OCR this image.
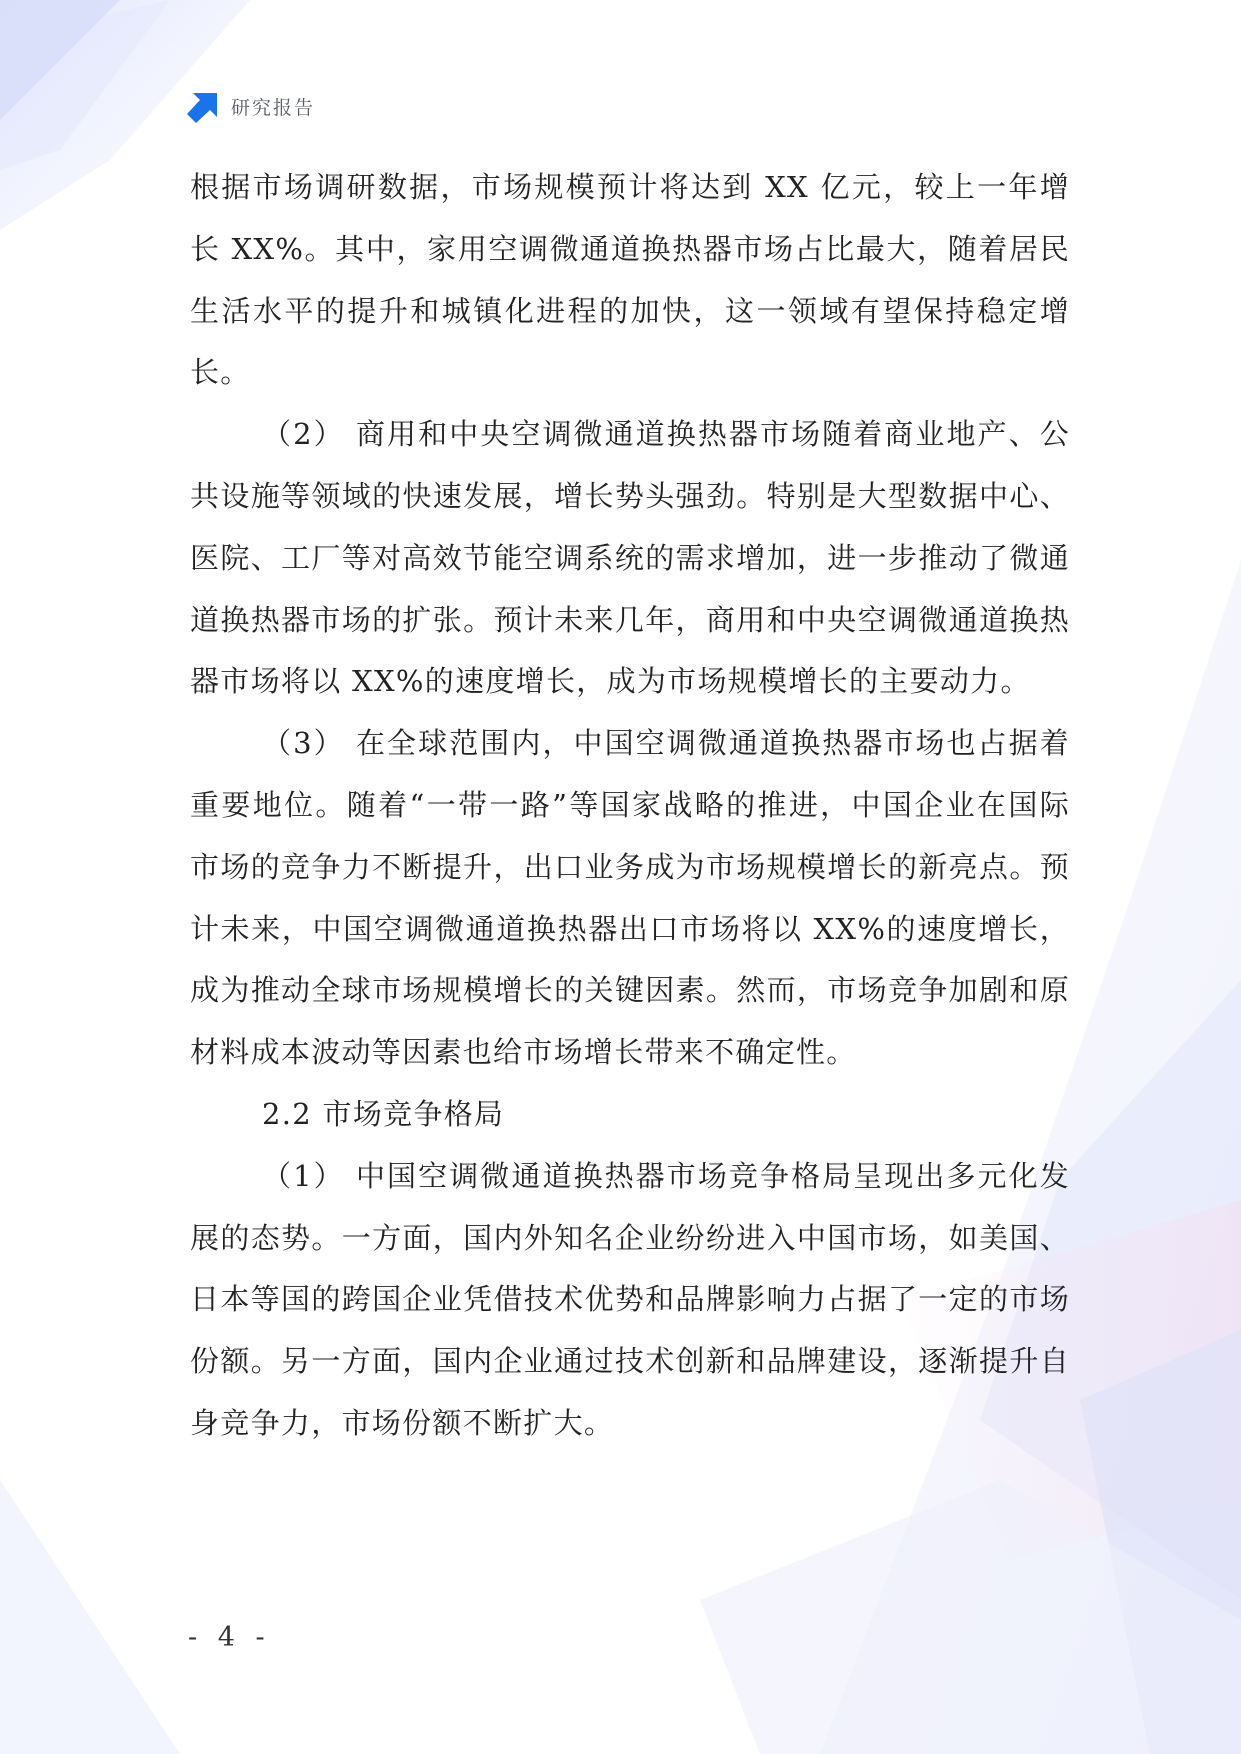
研究报告

根据市场调研数据，市场规模预计将达到 XX 亿元，较上一年增长 XX%。其中，家用空调微通道换热器市场占比最大，随着居民生活水平的提升和城镇化进程的加快，这一领域有望保持稳定增长。

（2） 商用和中央空调微通道换热器市场随着商业地产、公共设施等领域的快速发展，增长势头强劲。特别是大型数据中心、医院、工厂等对高效节能空调系统的需求增加，进一步推动了微通道换热器市场的扩张。预计未来几年，商用和中央空调微通道换热器市场将以 XX%的速度增长，成为市场规模增长的主要动力。

（3） 在全球范围内，中国空调微通道换热器市场也占据着重要地位。随着“一带一路”等国家战略的推进，中国企业在国际市场的竞争力不断提升，出口业务成为市场规模增长的新亮点。预计未来，中国空调微通道换热器出口市场将以 XX%的速度增长，成为推动全球市场规模增长的关键因素。然而，市场竞争加剧和原材料成本波动等因素也给市场增长带来不确定性。

2.2 市场竞争格局

（1） 中国空调微通道换热器市场竞争格局呈现出多元化发展的态势。一方面，国内外知名企业纷纷进入中国市场，如美国、日本等国的跨国企业凭借技术优势和品牌影响力占据了一定的市场份额。另一方面，国内企业通过技术创新和品牌建设，逐渐提升自身竞争力，市场份额不断扩大。

- 4 -
